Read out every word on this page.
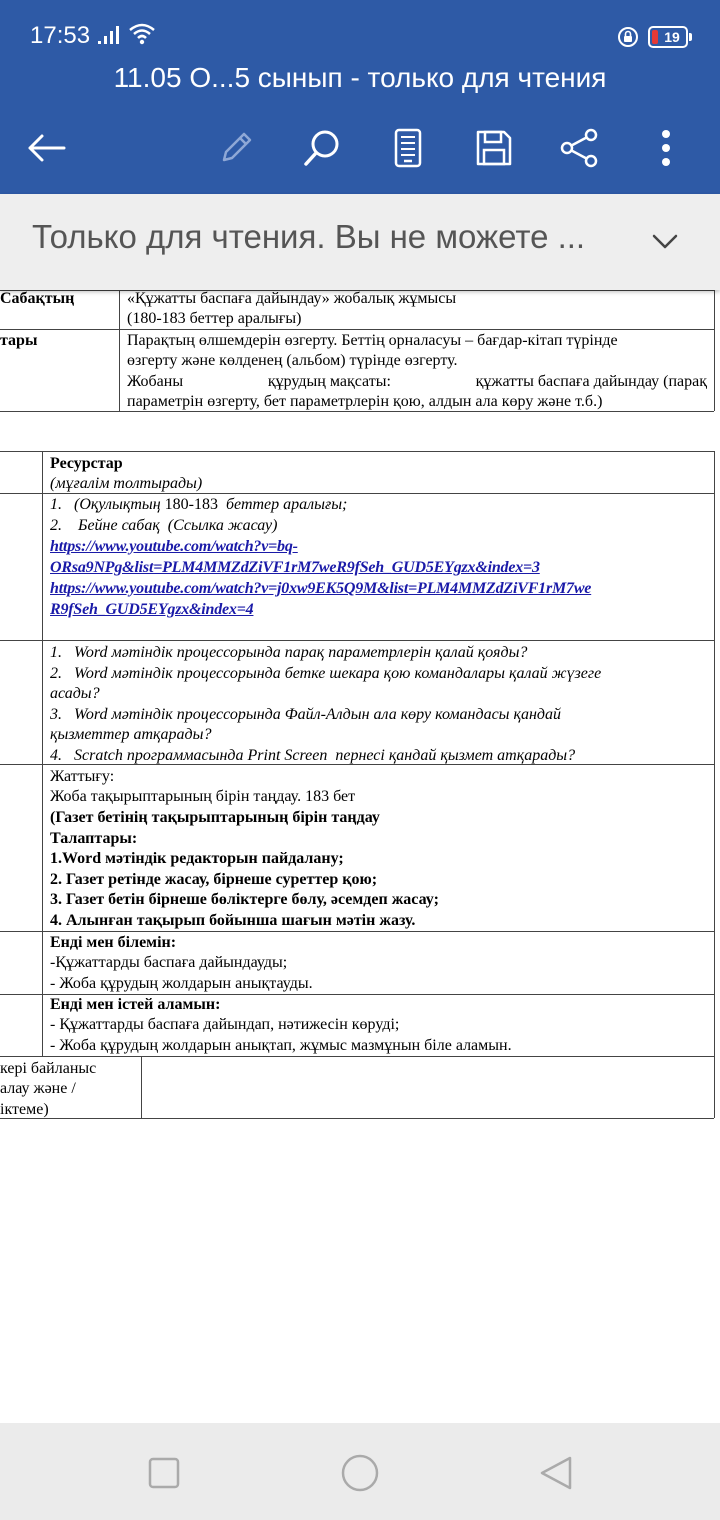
17:53	19
11.05 О...5 сынып - только для чтения
Только для чтения. Вы не можете ...
Сабақтың	«Құжатты баспаға дайындау» жобалық жұмысы
(180-183 беттер аралығы)
тары	Парақтың өлшемдерін өзгерту. Беттің орналасуы – бағдар-кітап түрінде
өзгерту және көлденең (альбом) түрінде өзгерту.
Жобаны	құрудың мақсаты:	құжатты баспаға дайындау (парақ
параметрін өзгерту, бет параметрлерін қою, алдын ала көру және т.б.)
Ресурстар
(мұғалім толтырады)
1. (Оқулықтың 180-183 беттер аралығы;
2.    Бейне сабақ  (Ссылка жасау)
https://www.youtube.com/watch?v=bq-
ORsa9NPg&list=PLM4MMZdZiVF1rM7weR9fSeh_GUD5EYgzx&index=3
https://www.youtube.com/watch?v=j0xw9EK5Q9M&list=PLM4MMZdZiVF1rM7we
R9fSeh_GUD5EYgzx&index=4
1.   Word мәтіндік процессорында парақ параметрлерін қалай қояды?
2.   Word мәтіндік процессорында бетке шекара қою командалары қалай жүзеге
асады?
3.   Word мәтіндік процессорында Файл-Алдын ала көру командасы қандай
қызметтер атқарады?
4.   Scratch программасында Print Screen  пернесі қандай қызмет атқарады?
Жаттығу:
Жоба тақырыптарының бірін таңдау. 183 бет
(Газет бетінің тақырыптарының бірін таңдау
Талаптары:
1.Word мәтіндік редакторын пайдалану;
2. Газет ретінде жасау, бірнеше суреттер қою;
3. Газет бетін бірнеше бөліктерге бөлу, әсемдеп жасау;
4. Алынған тақырып бойынша шағын мәтін жазу.
Енді мен білемін:
-Құжаттарды баспаға дайындауды;
- Жоба құрудың жолдарын анықтауды.
Енді мен істей аламын:
- Құжаттарды баспаға дайындап, нәтижесін көруді;
- Жоба құрудың жолдарын анықтап, жұмыс мазмұнын біле аламын.
кері байланыс
алау және /
іктеме)
